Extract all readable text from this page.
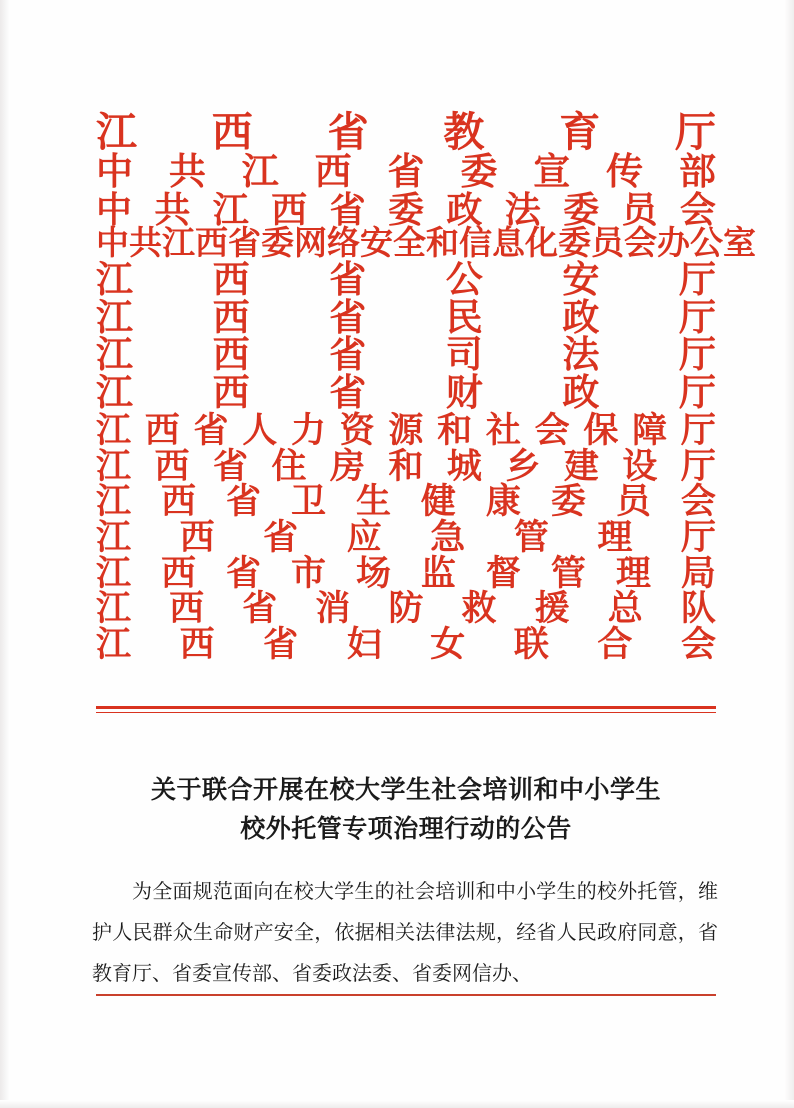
江 西 省 教 育 厅
中 共 江 西 省 委 宣 传 部
中 共 江 西 省 委 政 法 委 员 会
中 共 江 西 省 委 网 络 安 全 和 信 息 化 委 员 会 办 公 室
江 西 省 公 安 厅
江 西 省 民 政 厅
江 西 省 司 法 厅
江 西 省 财 政 厅
江 西 省 人 力 资 源 和 社 会 保 障 厅
江 西 省 住 房 和 城 乡 建 设 厅
江 西 省 卫 生 健 康 委 员 会
江 西 省 应 急 管 理 厅
江 西 省 市 场 监 督 管 理 局
江 西 省 消 防 救 援 总 队
江 西 省 妇 女 联 合 会
关于联合开展在校大学生社会培训和中小学生
校外托管专项治理行动的公告

为全面规范面向在校大学生的社会培训和中小学生的校外托管，维护人民群众生命财产安全，依据相关法律法规，经省人民政府同意，省教育厅、省委宣传部、省委政法委、省委网信办、
